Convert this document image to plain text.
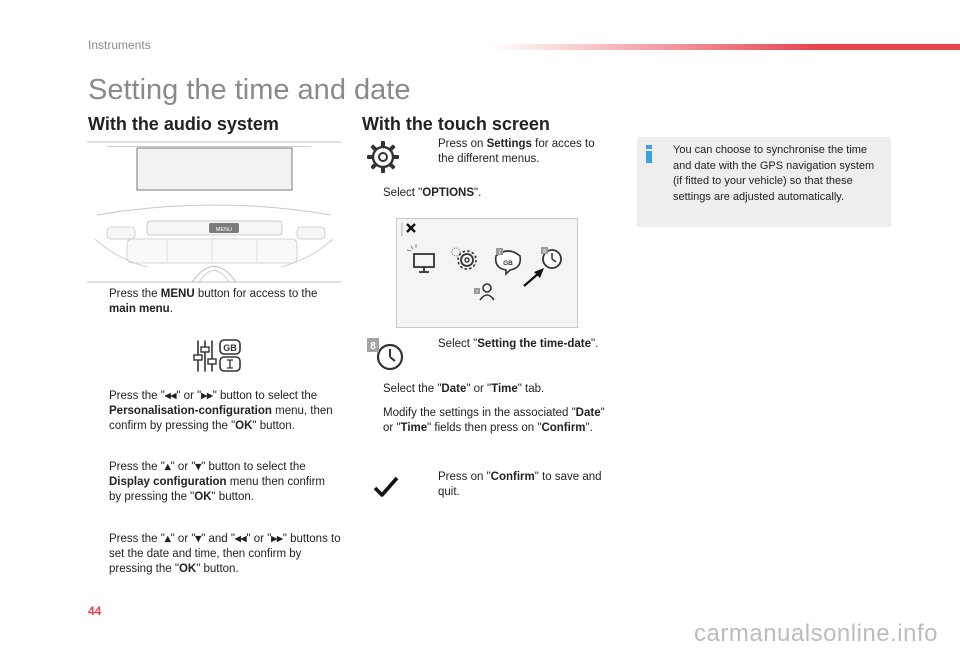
Instruments
Setting the time and date
With the audio system
MENU
Press the MENU button for access to the main menu.
GB
Press the "◂◂" or "▸▸" button to select the Personalisation-configuration menu, then confirm by pressing the "OK" button.
Press the "▴" or "▾" button to select the Display configuration menu then confirm by pressing the "OK" button.
Press the "▴" or "▾" and "◂◂" or "▸▸" buttons to set the date and time, then confirm by pressing the "OK" button.
With the touch screen
Press on Settings for acces to the different menus.
Select "OPTIONS".
GB
7	8
7
8	Select "Setting the time-date".
Select the "Date" or "Time" tab.
Modify the settings in the associated "Date" or "Time" fields then press on "Confirm".
Press on "Confirm" to save and quit.
You can choose to synchronise the time and date with the GPS navigation system (if fitted to your vehicle) so that these settings are adjusted automatically.
44
carmanualsonline.info
